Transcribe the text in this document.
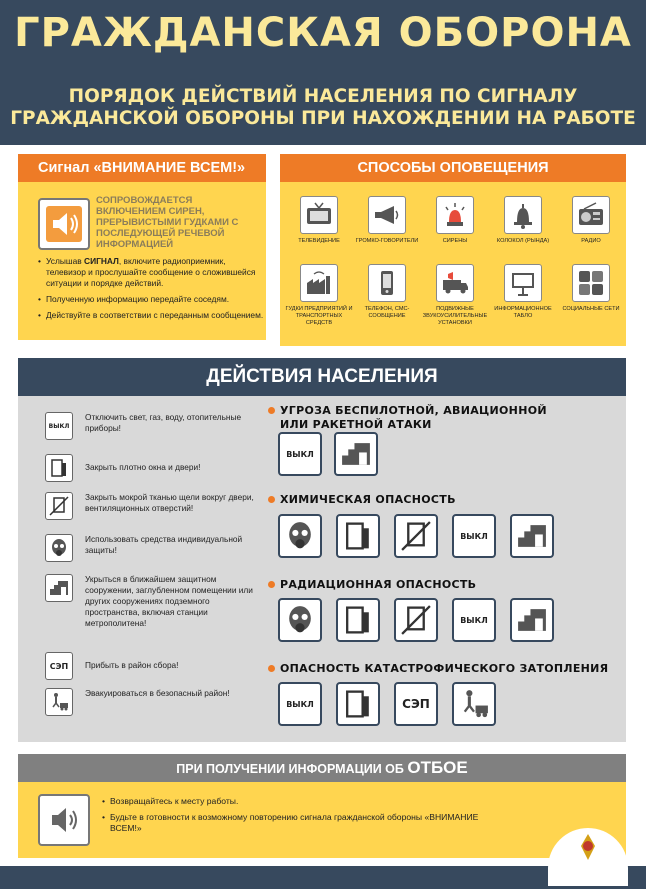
ГРАЖДАНСКАЯ ОБОРОНА
ПОРЯДОК ДЕЙСТВИЙ НАСЕЛЕНИЯ ПО СИГНАЛУ
ГРАЖДАНСКОЙ ОБОРОНЫ ПРИ НАХОЖДЕНИИ НА РАБОТЕ
Сигнал «ВНИМАНИЕ ВСЕМ!»
СОПРОВОЖДАЕТСЯ ВКЛЮЧЕНИЕМ СИРЕН, ПРЕРЫВИСТЫМИ ГУДКАМИ С ПОСЛЕДУЮЩЕЙ РЕЧЕВОЙ ИНФОРМАЦИЕЙ
• Услышав СИГНАЛ, включите радиоприемник, телевизор и прослушайте сообщение о сложившейся ситуации и порядке действий.
• Полученную информацию передайте соседям.
• Действуйте в соответствии с переданным сообщением.
СПОСОБЫ ОПОВЕЩЕНИЯ
ТЕЛЕВИДЕНИЕ	ГРОМКО-ГОВОРИТЕЛИ	СИРЕНЫ	КОЛОКОЛ (РЫНДА)	РАДИО
ГУДКИ ПРЕДПРИЯТИЙ И ТРАНСПОРТНЫХ СРЕДСТВ
ТЕЛЕФОН, СМС-СООБЩЕНИЕ
ПОДВИЖНЫЕ ЗВУКОУСИЛИТЕЛЬНЫЕ УСТАНОВКИ
ИНФОРМАЦИОННОЕ ТАБЛО
СОЦИАЛЬНЫЕ СЕТИ
ДЕЙСТВИЯ НАСЕЛЕНИЯ
ВЫКЛ
Отключить свет, газ, воду, отопительные приборы!
Закрыть плотно окна и двери!
Закрыть мокрой тканью щели вокруг двери, вентиляционных отверстий!
Использовать средства индивидуальной защиты!
Укрыться в ближайшем защитном сооружении, заглубленном помещении или других сооружениях подземного пространства, включая станции метрополитена!
СЭП Прибыть в район сбора!
Эвакуироваться в безопасный район!
УГРОЗА БЕСПИЛОТНОЙ, АВИАЦИОННОЙ
ИЛИ РАКЕТНОЙ АТАКИ
ВЫКЛ
ХИМИЧЕСКАЯ ОПАСНОСТЬ
ВЫКЛ
РАДИАЦИОННАЯ ОПАСНОСТЬ
ВЫКЛ
ОПАСНОСТЬ КАТАСТРОФИЧЕСКОГО ЗАТОПЛЕНИЯ
ВЫКЛ	СЭП
ПРИ ПОЛУЧЕНИИ ИНФОРМАЦИИ ОБ ОТБОЕ
• Возвращайтесь к месту работы.
• Будьте в готовности к возможному повторению сигнала гражданской обороны «ВНИМАНИЕ ВСЕМ!»
МЧС России
